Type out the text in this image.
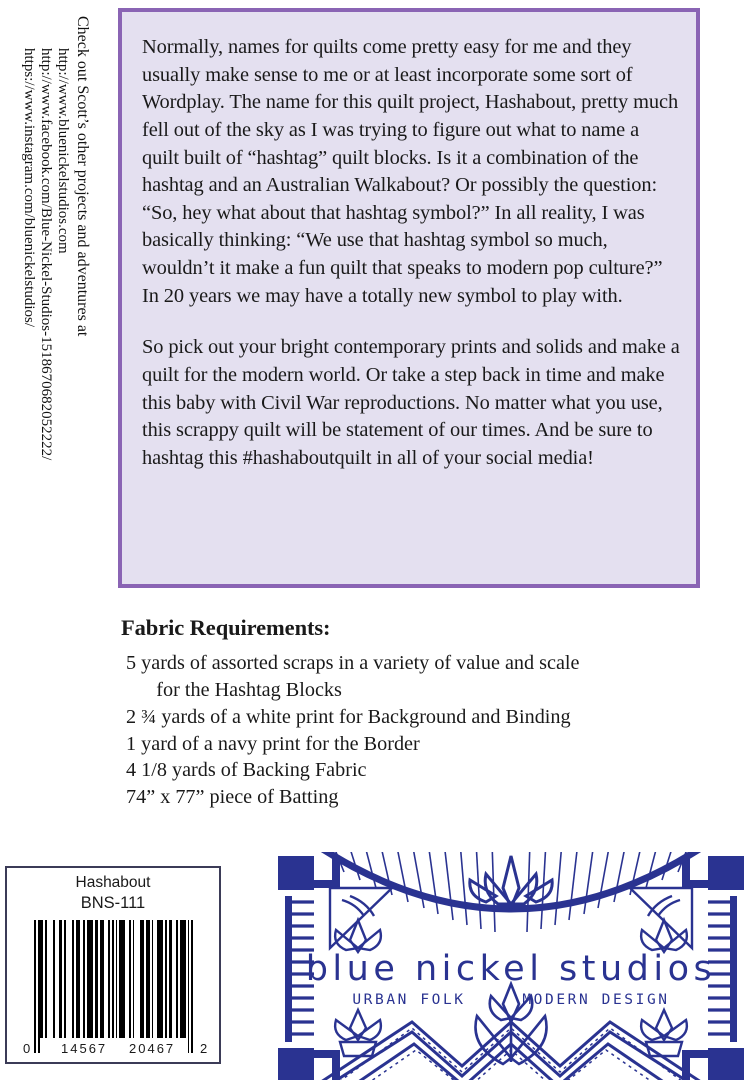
Check out Scott’s other projects and adventures at
http://www.bluenickelstudios.com
http://www.facebook.com/Blue-Nickel-Studios-1518670682052222/
https://www.instagram.com/bluenickelstudios/

Normally, names for quilts come pretty easy for me and they usually make sense to me or at least incorporate some sort of Wordplay. The name for this quilt project, Hashabout, pretty much fell out of the sky as I was trying to figure out what to name a quilt built of “hashtag” quilt blocks. Is it a combination of the hashtag and an Australian Walkabout? Or possibly the question: “So, hey what about that hashtag symbol?” In all reality, I was basically thinking: “We use that hashtag symbol so much, wouldn’t it make a fun quilt that speaks to modern pop culture?” In 20 years we may have a totally new symbol to play with.

So pick out your bright contemporary prints and solids and make a quilt for the modern world. Or take a step back in time and make this baby with Civil War reproductions. No matter what you use, this scrappy quilt will be statement of our times. And be sure to hashtag this #hashaboutquilt in all of your social media!

Fabric Requirements:
5 yards of assorted scraps in a variety of value and scale
for the Hashtag Blocks
2 ¾ yards of a white print for Background and Binding
1 yard of a navy print for the Border
4 1/8 yards of Backing Fabric
74” x 77” piece of Batting
Hashabout
BNS-111
0 14567 20467 2
blue nickel studios
URBAN FOLK	MODERN DESIGN
